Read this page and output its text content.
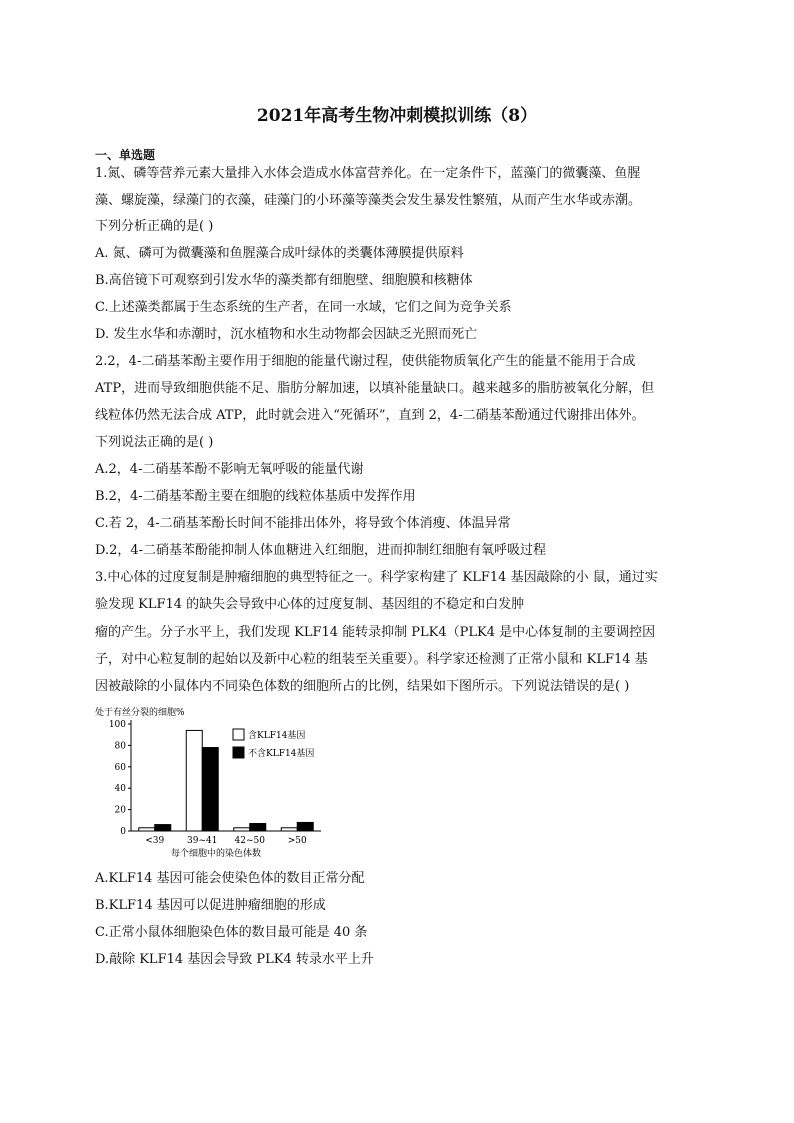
2021年高考生物冲刺模拟训练（8）
一、单选题
1.氮、磷等营养元素大量排入水体会造成水体富营养化。在一定条件下，蓝藻门的微囊藻、鱼腥
藻、螺旋藻，绿藻门的衣藻，硅藻门的小环藻等藻类会发生暴发性繁殖，从而产生水华或赤潮。
下列分析正确的是( )
A. 氮、磷可为微囊藻和鱼腥藻合成叶绿体的类囊体薄膜提供原料
B.高倍镜下可观察到引发水华的藻类都有细胞壁、细胞膜和核糖体
C.上述藻类都属于生态系统的生产者，在同一水域，它们之间为竞争关系
D. 发生水华和赤潮时，沉水植物和水生动物都会因缺乏光照而死亡
2.2，4-二硝基苯酚主要作用于细胞的能量代谢过程，使供能物质氧化产生的能量不能用于合成
ATP，进而导致细胞供能不足、脂肪分解加速，以填补能量缺口。越来越多的脂肪被氧化分解，但
线粒体仍然无法合成 ATP，此时就会进入“死循环”，直到 2，4-二硝基苯酚通过代谢排出体外。
下列说法正确的是( )
A.2，4-二硝基苯酚不影响无氧呼吸的能量代谢
B.2，4-二硝基苯酚主要在细胞的线粒体基质中发挥作用
C.若 2，4-二硝基苯酚长时间不能排出体外，将导致个体消瘦、体温异常
D.2，4-二硝基苯酚能抑制人体血糖进入红细胞，进而抑制红细胞有氧呼吸过程
3.中心体的过度复制是肿瘤细胞的典型特征之一。科学家构建了 KLF14 基因敲除的小 鼠，通过实
验发现 KLF14 的缺失会导致中心体的过度复制、基因组的不稳定和白发肿
瘤的产生。分子水平上，我们发现 KLF14 能转录抑制 PLK4（PLK4 是中心体复制的主要调控因
子，对中心粒复制的起始以及新中心粒的组装至关重要）。科学家还检测了正常小鼠和 KLF14 基
因被敲除的小鼠体内不同染色体数的细胞所占的比例，结果如下图所示。下列说法错误的是( )
处于有丝分裂的细胞%
0
20
40
60
80
100
<39	39~41 42~50	>50
每个细胞中的染色体数
含KLF14基因
不含KLF14基因
A.KLF14 基因可能会使染色体的数目正常分配
B.KLF14 基因可以促进肿瘤细胞的形成
C.正常小鼠体细胞染色体的数目最可能是 40 条
D.敲除 KLF14 基因会导致 PLK4 转录水平上升
